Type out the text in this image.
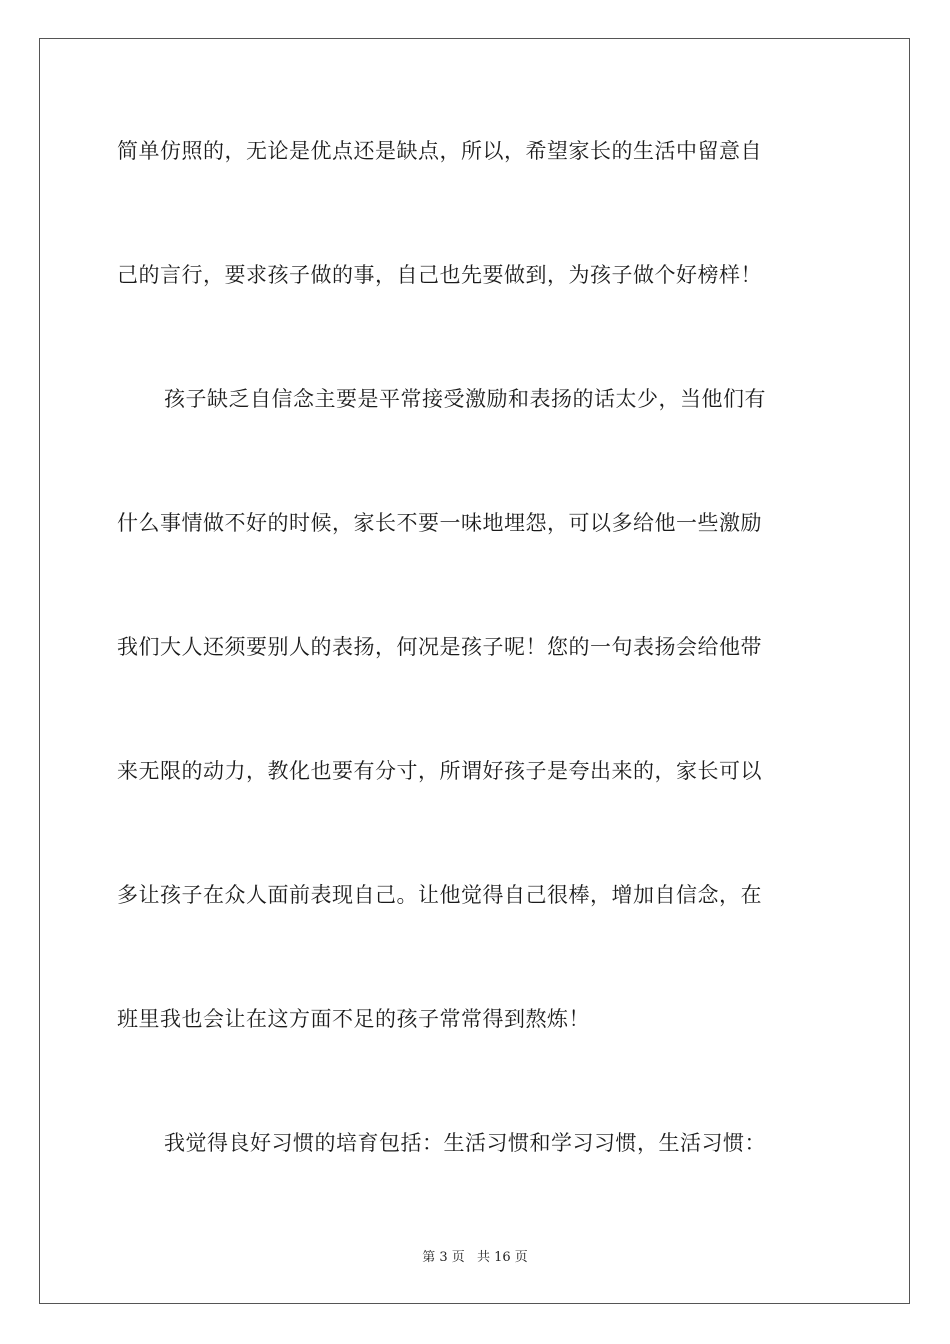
简单仿照的，无论是优点还是缺点，所以，希望家长的生活中留意自
己的言行，要求孩子做的事，自己也先要做到，为孩子做个好榜样！
孩子缺乏自信念主要是平常接受激励和表扬的话太少，当他们有
什么事情做不好的时候，家长不要一味地埋怨，可以多给他一些激励
我们大人还须要别人的表扬，何况是孩子呢！您的一句表扬会给他带
来无限的动力，教化也要有分寸，所谓好孩子是夸出来的，家长可以
多让孩子在众人面前表现自己。让他觉得自己很棒，增加自信念，在
班里我也会让在这方面不足的孩子常常得到熬炼！
我觉得良好习惯的培育包括：生活习惯和学习习惯，生活习惯：
第 3 页 共 16 页
